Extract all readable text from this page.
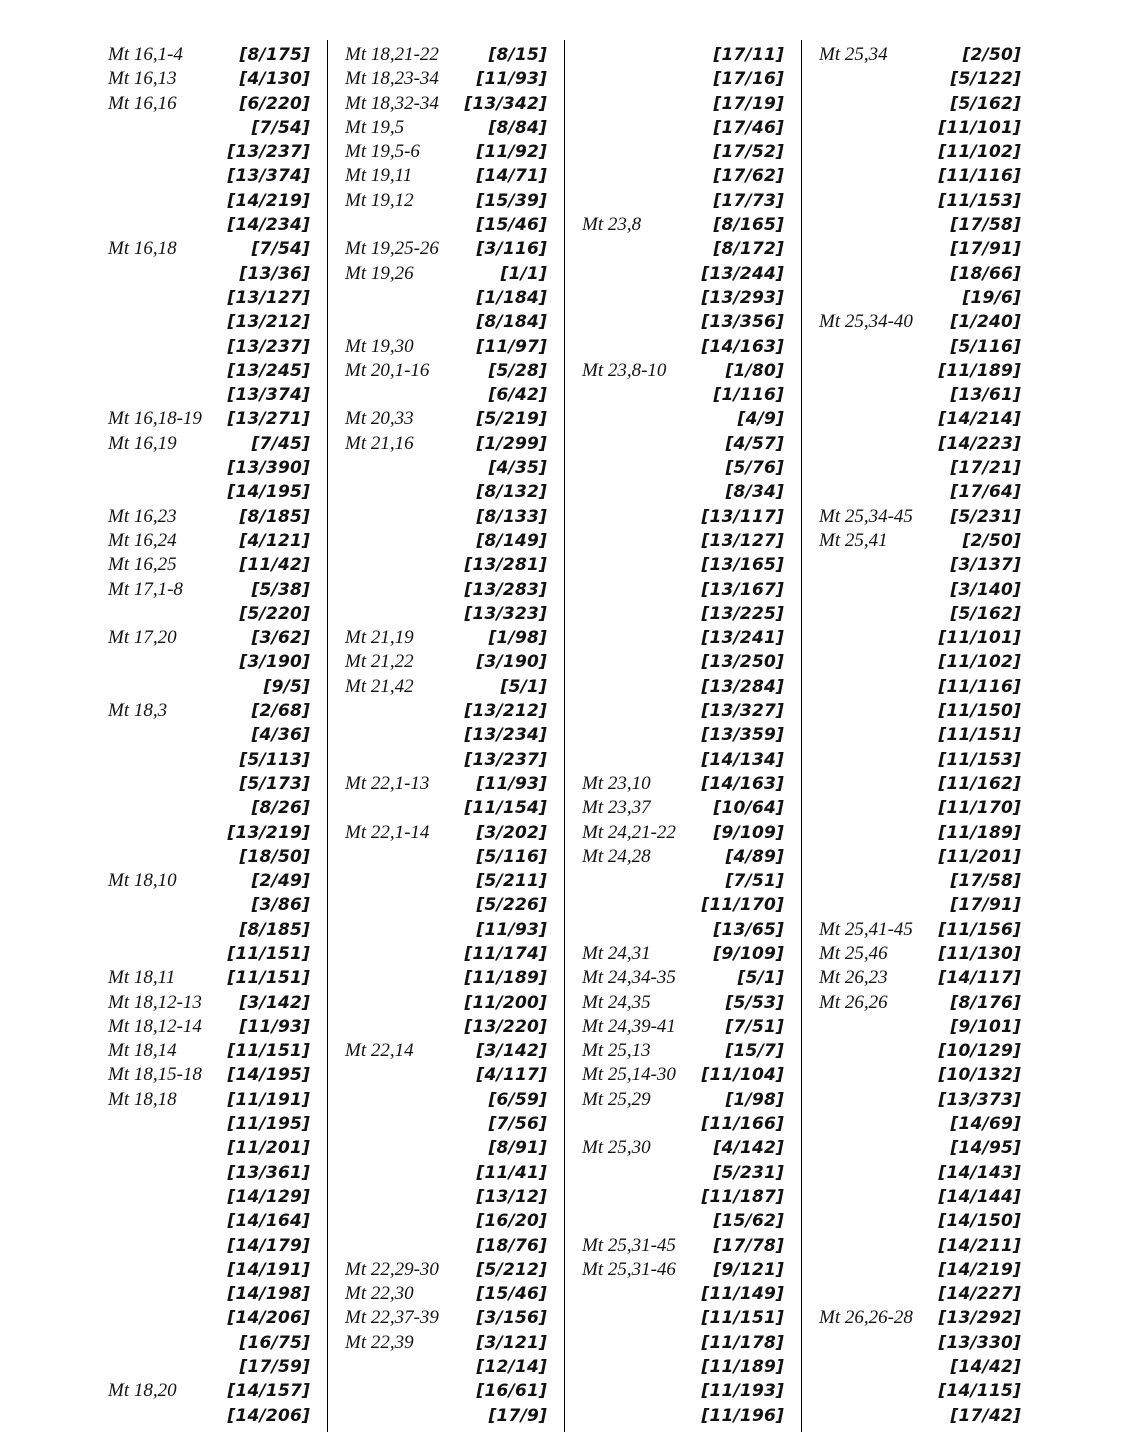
Mt 16,1-4	[8/175]
Mt 16,13	[4/130]
Mt 16,16	[6/220]
[7/54]
[13/237]
[13/374]
[14/219]
[14/234]
Mt 16,18	[7/54]
[13/36]
[13/127]
[13/212]
[13/237]
[13/245]
[13/374]
Mt 16,18-19 [13/271]
Mt 16,19	[7/45]
[13/390]
[14/195]
Mt 16,23	[8/185]
Mt 16,24	[4/121]
Mt 16,25	[11/42]
Mt 17,1-8	[5/38]
[5/220]
Mt 17,20	[3/62]
[3/190]
[9/5]
Mt 18,3	[2/68]
[4/36]
[5/113]
[5/173]
[8/26]
[13/219]
[18/50]
Mt 18,10	[2/49]
[3/86]
[8/185]
[11/151]
Mt 18,11	[11/151]
Mt 18,12-13 [3/142]
Mt 18,12-14 [11/93]
Mt 18,14	[11/151]
Mt 18,15-18 [14/195]
Mt 18,18	[11/191]
[11/195]
[11/201]
[13/361]
[14/129]
[14/164]
[14/179]
[14/191]
[14/198]
[14/206]
[16/75]
[17/59]
Mt 18,20	[14/157]
[14/206]
Mt 18,21-22	[8/15]
Mt 18,23-34 [11/93]
Mt 18,32-34 [13/342]
Mt 19,5	[8/84]
Mt 19,5-6	[11/92]
Mt 19,11	[14/71]
Mt 19,12	[15/39]
[15/46]
Mt 19,25-26 [3/116]
Mt 19,26	[1/1]
[1/184]
[8/184]
Mt 19,30	[11/97]
Mt 20,1-16	[5/28]
[6/42]
Mt 20,33	[5/219]
Mt 21,16	[1/299]
[4/35]
[8/132]
[8/133]
[8/149]
[13/281]
[13/283]
[13/323]
Mt 21,19	[1/98]
Mt 21,22	[3/190]
Mt 21,42	[5/1]
[13/212]
[13/234]
[13/237]
Mt 22,1-13	[11/93]
[11/154]
Mt 22,1-14	[3/202]
[5/116]
[5/211]
[5/226]
[11/93]
[11/174]
[11/189]
[11/200]
[13/220]
Mt 22,14	[3/142]
[4/117]
[6/59]
[7/56]
[8/91]
[11/41]
[13/12]
[16/20]
[18/76]
Mt 22,29-30 [5/212]
Mt 22,30	[15/46]
Mt 22,37-39 [3/156]
Mt 22,39	[3/121]
[12/14]
[16/61]
[17/9]
[17/11]
[17/16]
[17/19]
[17/46]
[17/52]
[17/62]
[17/73]
Mt 23,8	[8/165]
[8/172]
[13/244]
[13/293]
[13/356]
[14/163]
Mt 23,8-10	[1/80]
[1/116]
[4/9]
[4/57]
[5/76]
[8/34]
[13/117]
[13/127]
[13/165]
[13/167]
[13/225]
[13/241]
[13/250]
[13/284]
[13/327]
[13/359]
[14/134]
Mt 23,10	[14/163]
Mt 23,37	[10/64]
Mt 24,21-22 [9/109]
Mt 24,28	[4/89]
[7/51]
[11/170]
[13/65]
Mt 24,31	[9/109]
Mt 24,34-35	[5/1]
Mt 24,35	[5/53]
Mt 24,39-41	[7/51]
Mt 25,13	[15/7]
Mt 25,14-30 [11/104]
Mt 25,29	[1/98]
[11/166]
Mt 25,30	[4/142]
[5/231]
[11/187]
[15/62]
Mt 25,31-45 [17/78]
Mt 25,31-46 [9/121]
[11/149]
[11/151]
[11/178]
[11/189]
[11/193]
[11/196]
Mt 25,34	[2/50]
[5/122]
[5/162]
[11/101]
[11/102]
[11/116]
[11/153]
[17/58]
[17/91]
[18/66]
[19/6]
Mt 25,34-40 [1/240]
[5/116]
[11/189]
[13/61]
[14/214]
[14/223]
[17/21]
[17/64]
Mt 25,34-45 [5/231]
Mt 25,41	[2/50]
[3/137]
[3/140]
[5/162]
[11/101]
[11/102]
[11/116]
[11/150]
[11/151]
[11/153]
[11/162]
[11/170]
[11/189]
[11/201]
[17/58]
[17/91]
Mt 25,41-45 [11/156]
Mt 25,46	[11/130]
Mt 26,23	[14/117]
Mt 26,26	[8/176]
[9/101]
[10/129]
[10/132]
[13/373]
[14/69]
[14/95]
[14/143]
[14/144]
[14/150]
[14/211]
[14/219]
[14/227]
Mt 26,26-28 [13/292]
[13/330]
[14/42]
[14/115]
[17/42]
